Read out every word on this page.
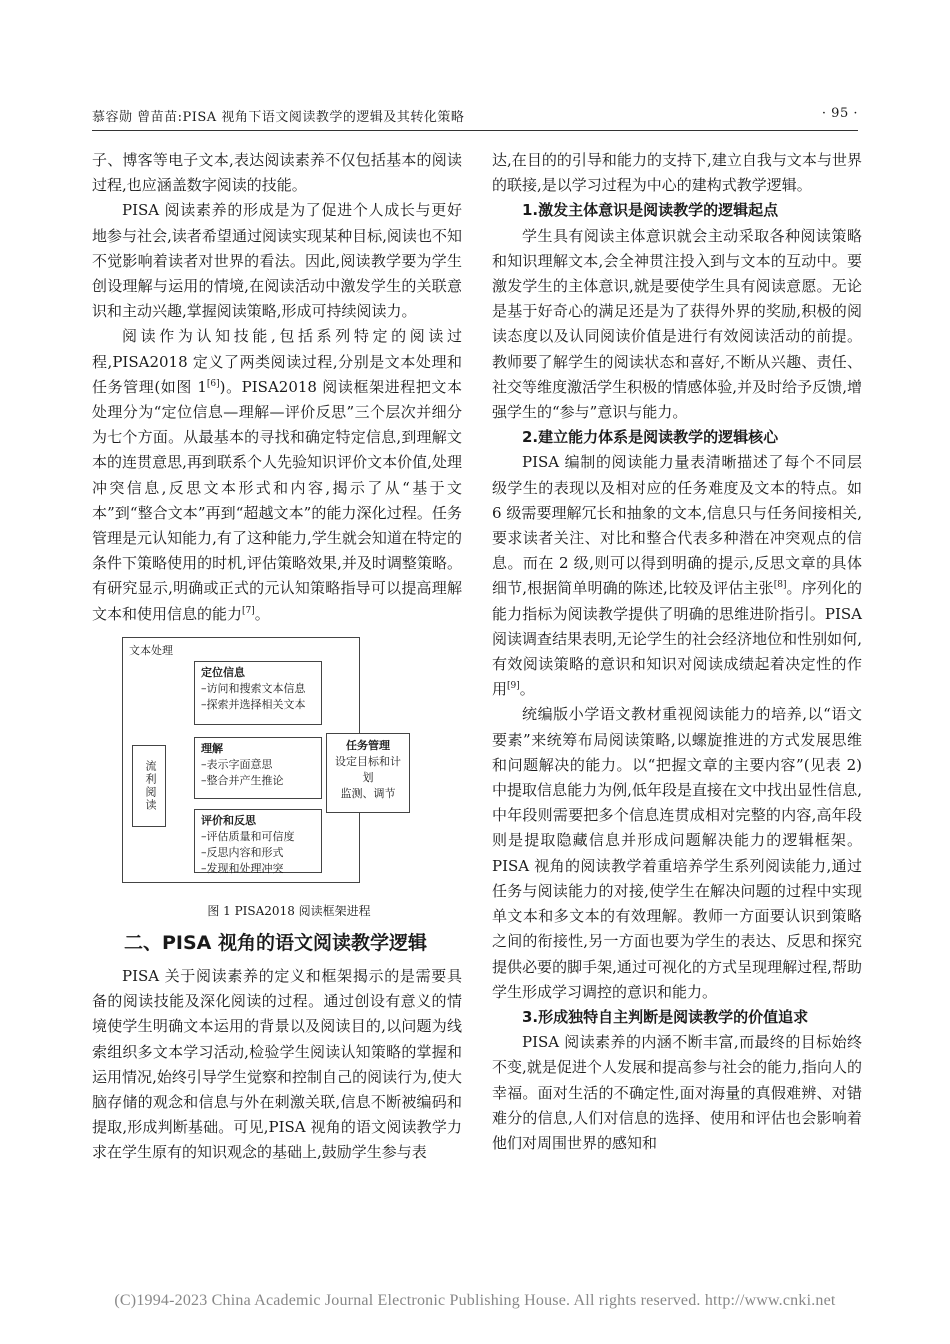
慕容勋 曾苗苗:PISA 视角下语文阅读教学的逻辑及其转化策略	· 95 ·

子、博客等电子文本,表达阅读素养不仅包括基本的阅读过程,也应涵盖数字阅读的技能。

PISA 阅读素养的形成是为了促进个人成长与更好地参与社会,读者希望通过阅读实现某种目标,阅读也不知不觉影响着读者对世界的看法。因此,阅读教学要为学生创设理解与运用的情境,在阅读活动中激发学生的关联意识和主动兴趣,掌握阅读策略,形成可持续阅读力。

阅读作为认知技能,包括系列特定的阅读过程,PISA2018 定义了两类阅读过程,分别是文本处理和任务管理(如图 1[6])。PISA2018 阅读框架进程把文本处理分为“定位信息—理解—评价反思”三个层次并细分为七个方面。从最基本的寻找和确定特定信息,到理解文本的连贯意思,再到联系个人先验知识评价文本价值,处理冲突信息,反思文本形式和内容,揭示了从“基于文本”到“整合文本”再到“超越文本”的能力深化过程。任务管理是元认知能力,有了这种能力,学生就会知道在特定的条件下策略使用的时机,评估策略效果,并及时调整策略。有研究显示,明确或正式的元认知策略指导可以提高理解文本和使用信息的能力[7]。

文本处理
定位信息
–访问和搜索文本信息
–探索并选择相关文本
流利阅读
理解
–表示字面意思
–整合并产生推论
评价和反思
–评估质量和可信度
–反思内容和形式
–发现和处理冲突
任务管理
设定目标和计划
监测、调节

图 1 PISA2018 阅读框架进程

二、PISA 视角的语文阅读教学逻辑

PISA 关于阅读素养的定义和框架揭示的是需要具备的阅读技能及深化阅读的过程。通过创设有意义的情境使学生明确文本运用的背景以及阅读目的,以问题为线索组织多文本学习活动,检验学生阅读认知策略的掌握和运用情况,始终引导学生觉察和控制自己的阅读行为,使大脑存储的观念和信息与外在刺激关联,信息不断被编码和提取,形成判断基础。可见,PISA 视角的语文阅读教学力求在学生原有的知识观念的基础上,鼓励学生参与表

达,在目的的引导和能力的支持下,建立自我与文本与世界的联接,是以学习过程为中心的建构式教学逻辑。

1.激发主体意识是阅读教学的逻辑起点

学生具有阅读主体意识就会主动采取各种阅读策略和知识理解文本,会全神贯注投入到与文本的互动中。要激发学生的主体意识,就是要使学生具有阅读意愿。无论是基于好奇心的满足还是为了获得外界的奖励,积极的阅读态度以及认同阅读价值是进行有效阅读活动的前提。教师要了解学生的阅读状态和喜好,不断从兴趣、责任、社交等维度激活学生积极的情感体验,并及时给予反馈,增强学生的“参与”意识与能力。

2.建立能力体系是阅读教学的逻辑核心

PISA 编制的阅读能力量表清晰描述了每个不同层级学生的表现以及相对应的任务难度及文本的特点。如 6 级需要理解冗长和抽象的文本,信息只与任务间接相关,要求读者关注、对比和整合代表多种潜在冲突观点的信息。而在 2 级,则可以得到明确的提示,反思文章的具体细节,根据简单明确的陈述,比较及评估主张[8]。序列化的能力指标为阅读教学提供了明确的思维进阶指引。PISA 阅读调查结果表明,无论学生的社会经济地位和性别如何,有效阅读策略的意识和知识对阅读成绩起着决定性的作用[9]。

统编版小学语文教材重视阅读能力的培养,以“语文要素”来统筹布局阅读策略,以螺旋推进的方式发展思维和问题解决的能力。以“把握文章的主要内容”(见表 2)中提取信息能力为例,低年段是直接在文中找出显性信息,中年段则需要把多个信息连贯成相对完整的内容,高年段则是提取隐藏信息并形成问题解决能力的逻辑框架。PISA 视角的阅读教学着重培养学生系列阅读能力,通过任务与阅读能力的对接,使学生在解决问题的过程中实现单文本和多文本的有效理解。教师一方面要认识到策略之间的衔接性,另一方面也要为学生的表达、反思和探究提供必要的脚手架,通过可视化的方式呈现理解过程,帮助学生形成学习调控的意识和能力。

3.形成独特自主判断是阅读教学的价值追求

PISA 阅读素养的内涵不断丰富,而最终的目标始终不变,就是促进个人发展和提高参与社会的能力,指向人的幸福。面对生活的不确定性,面对海量的真假难辨、对错难分的信息,人们对信息的选择、使用和评估也会影响着他们对周围世界的感知和

(C)1994-2023 China Academic Journal Electronic Publishing House. All rights reserved. http://www.cnki.net
